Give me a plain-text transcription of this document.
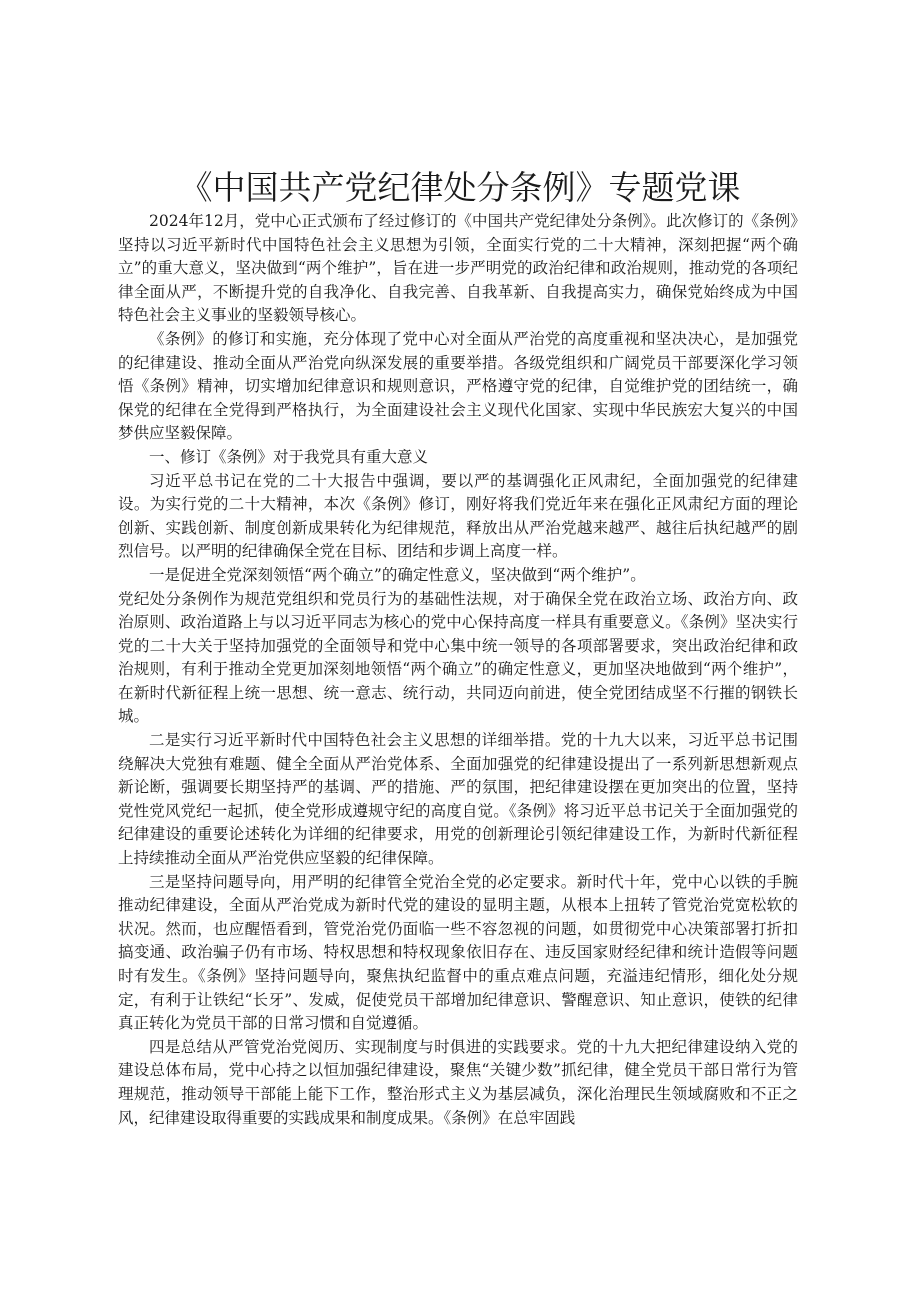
《中国共产党纪律处分条例》专题党课

2024年12月，党中心正式颁布了经过修订的《中国共产党纪律处分条例》。此次修订的《条例》坚持以习近平新时代中国特色社会主义思想为引领，全面实行党的二十大精神，深刻把握“两个确立”的重大意义，坚决做到“两个维护”，旨在进一步严明党的政治纪律和政治规则，推动党的各项纪律全面从严，不断提升党的自我净化、自我完善、自我革新、自我提高实力，确保党始终成为中国特色社会主义事业的坚毅领导核心。

《条例》的修订和实施，充分体现了党中心对全面从严治党的高度重视和坚决决心，是加强党的纪律建设、推动全面从严治党向纵深发展的重要举措。各级党组织和广阔党员干部要深化学习领悟《条例》精神，切实增加纪律意识和规则意识，严格遵守党的纪律，自觉维护党的团结统一，确保党的纪律在全党得到严格执行，为全面建设社会主义现代化国家、实现中华民族宏大复兴的中国梦供应坚毅保障。

一、修订《条例》对于我党具有重大意义

习近平总书记在党的二十大报告中强调，要以严的基调强化正风肃纪，全面加强党的纪律建设。为实行党的二十大精神，本次《条例》修订，刚好将我们党近年来在强化正风肃纪方面的理论创新、实践创新、制度创新成果转化为纪律规范，释放出从严治党越来越严、越往后执纪越严的剧烈信号。以严明的纪律确保全党在目标、团结和步调上高度一样。

一是促进全党深刻领悟“两个确立”的确定性意义，坚决做到“两个维护”。

党纪处分条例作为规范党组织和党员行为的基础性法规，对于确保全党在政治立场、政治方向、政治原则、政治道路上与以习近平同志为核心的党中心保持高度一样具有重要意义。《条例》坚决实行党的二十大关于坚持加强党的全面领导和党中心集中统一领导的各项部署要求，突出政治纪律和政治规则，有利于推动全党更加深刻地领悟“两个确立”的确定性意义，更加坚决地做到“两个维护”，在新时代新征程上统一思想、统一意志、统行动，共同迈向前进，使全党团结成坚不行摧的钢铁长城。

二是实行习近平新时代中国特色社会主义思想的详细举措。党的十九大以来，习近平总书记围绕解决大党独有难题、健全全面从严治党体系、全面加强党的纪律建设提出了一系列新思想新观点新论断，强调要长期坚持严的基调、严的措施、严的氛围，把纪律建设摆在更加突出的位置，坚持党性党风党纪一起抓，使全党形成遵规守纪的高度自觉。《条例》将习近平总书记关于全面加强党的纪律建设的重要论述转化为详细的纪律要求，用党的创新理论引领纪律建设工作，为新时代新征程上持续推动全面从严治党供应坚毅的纪律保障。

三是坚持问题导向，用严明的纪律管全党治全党的必定要求。新时代十年，党中心以铁的手腕推动纪律建设，全面从严治党成为新时代党的建设的显明主题，从根本上扭转了管党治党宽松软的状况。然而，也应醒悟看到，管党治党仍面临一些不容忽视的问题，如贯彻党中心决策部署打折扣搞变通、政治骗子仍有市场、特权思想和特权现象依旧存在、违反国家财经纪律和统计造假等问题时有发生。《条例》坚持问题导向，聚焦执纪监督中的重点难点问题，充溢违纪情形，细化处分规定，有利于让铁纪“长牙”、发威，促使党员干部增加纪律意识、警醒意识、知止意识，使铁的纪律真正转化为党员干部的日常习惯和自觉遵循。

四是总结从严管党治党阅历、实现制度与时俱进的实践要求。党的十九大把纪律建设纳入党的建设总体布局，党中心持之以恒加强纪律建设，聚焦“关键少数”抓纪律，健全党员干部日常行为管理规范，推动领导干部能上能下工作，整治形式主义为基层减负，深化治理民生领域腐败和不正之风，纪律建设取得重要的实践成果和制度成果。《条例》在总牢固践
